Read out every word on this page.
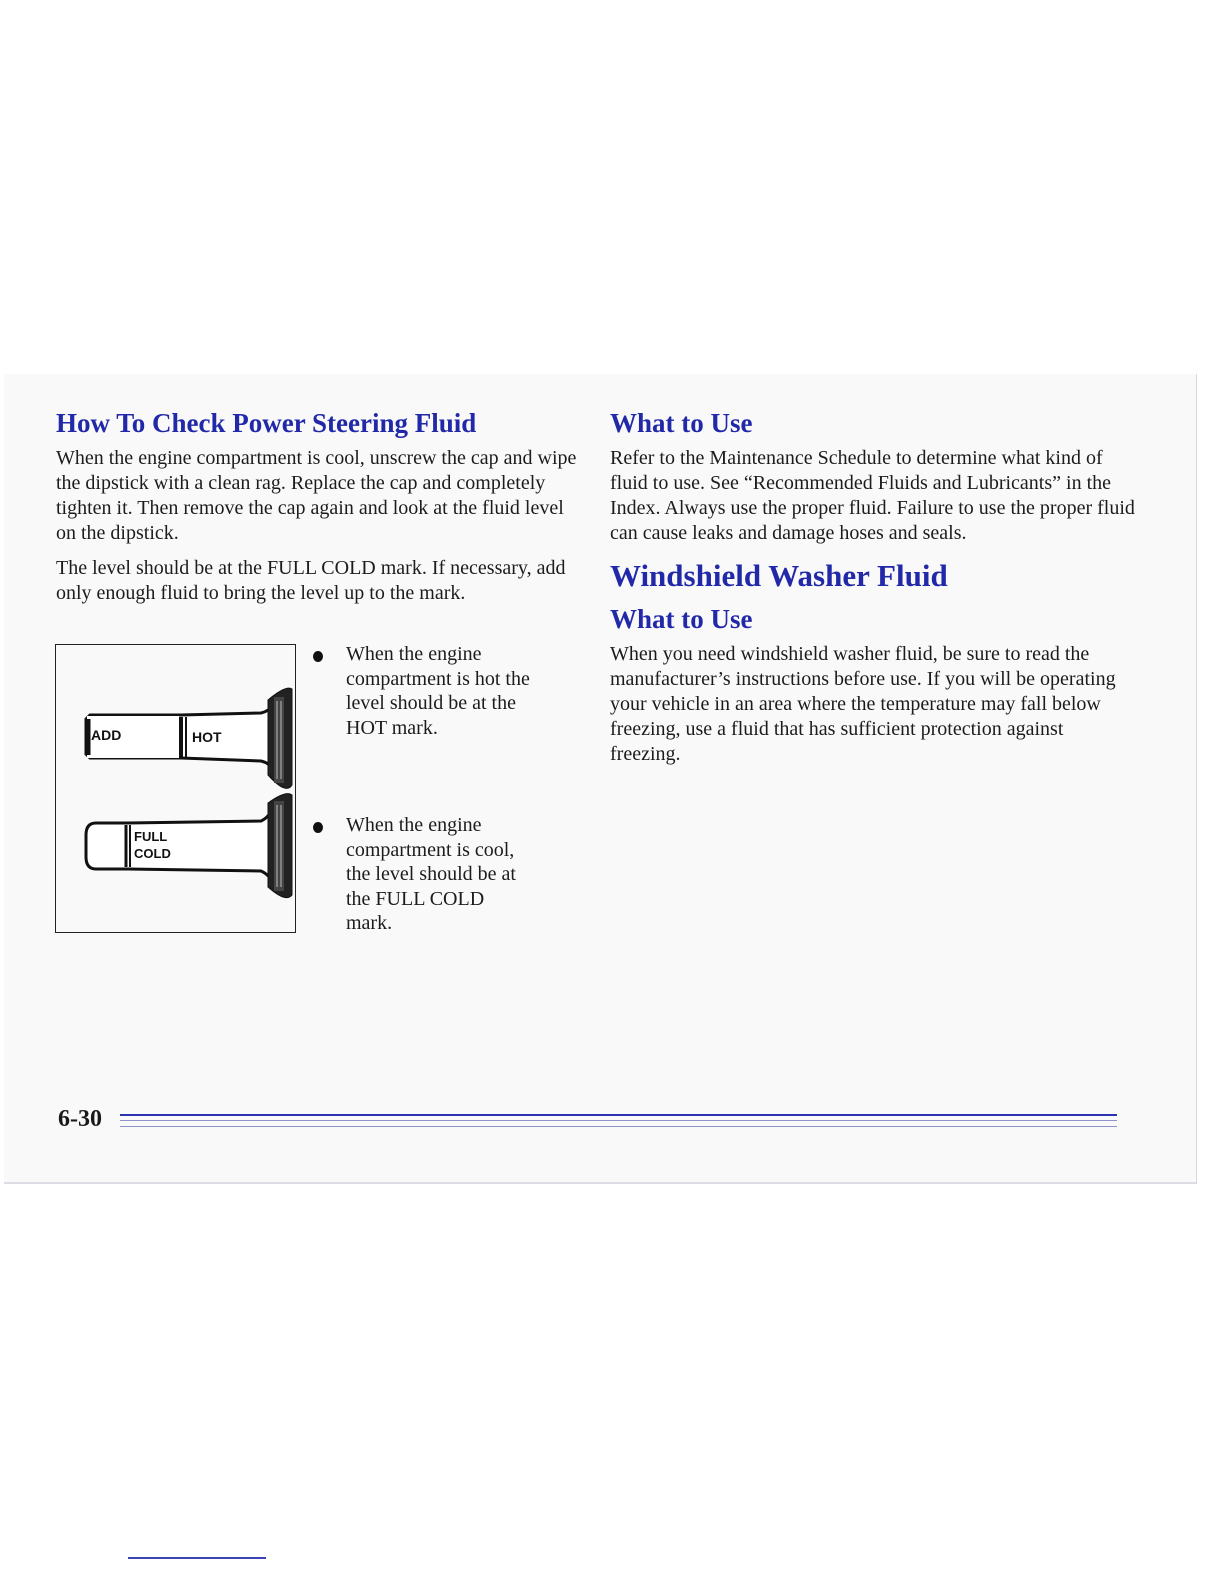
How To Check Power Steering Fluid

When the engine compartment is cool, unscrew the cap and wipe the dipstick with a clean rag. Replace the cap and completely tighten it. Then remove the cap again and look at the fluid level on the dipstick.

The level should be at the FULL COLD mark. If necessary, add only enough fluid to bring the level up to the mark.

ADD	HOT
FULL
COLD

When the engine compartment is hot the level should be at the HOT mark.

When the engine compartment is cool, the level should be at the FULL COLD mark.

What to Use

Refer to the Maintenance Schedule to determine what kind of fluid to use. See “Recommended Fluids and Lubricants” in the Index. Always use the proper fluid. Failure to use the proper fluid can cause leaks and damage hoses and seals.

Windshield Washer Fluid
What to Use

When you need windshield washer fluid, be sure to read the manufacturer’s instructions before use. If you will be operating your vehicle in an area where the temperature may fall below freezing, use a fluid that has sufficient protection against freezing.

6-30
